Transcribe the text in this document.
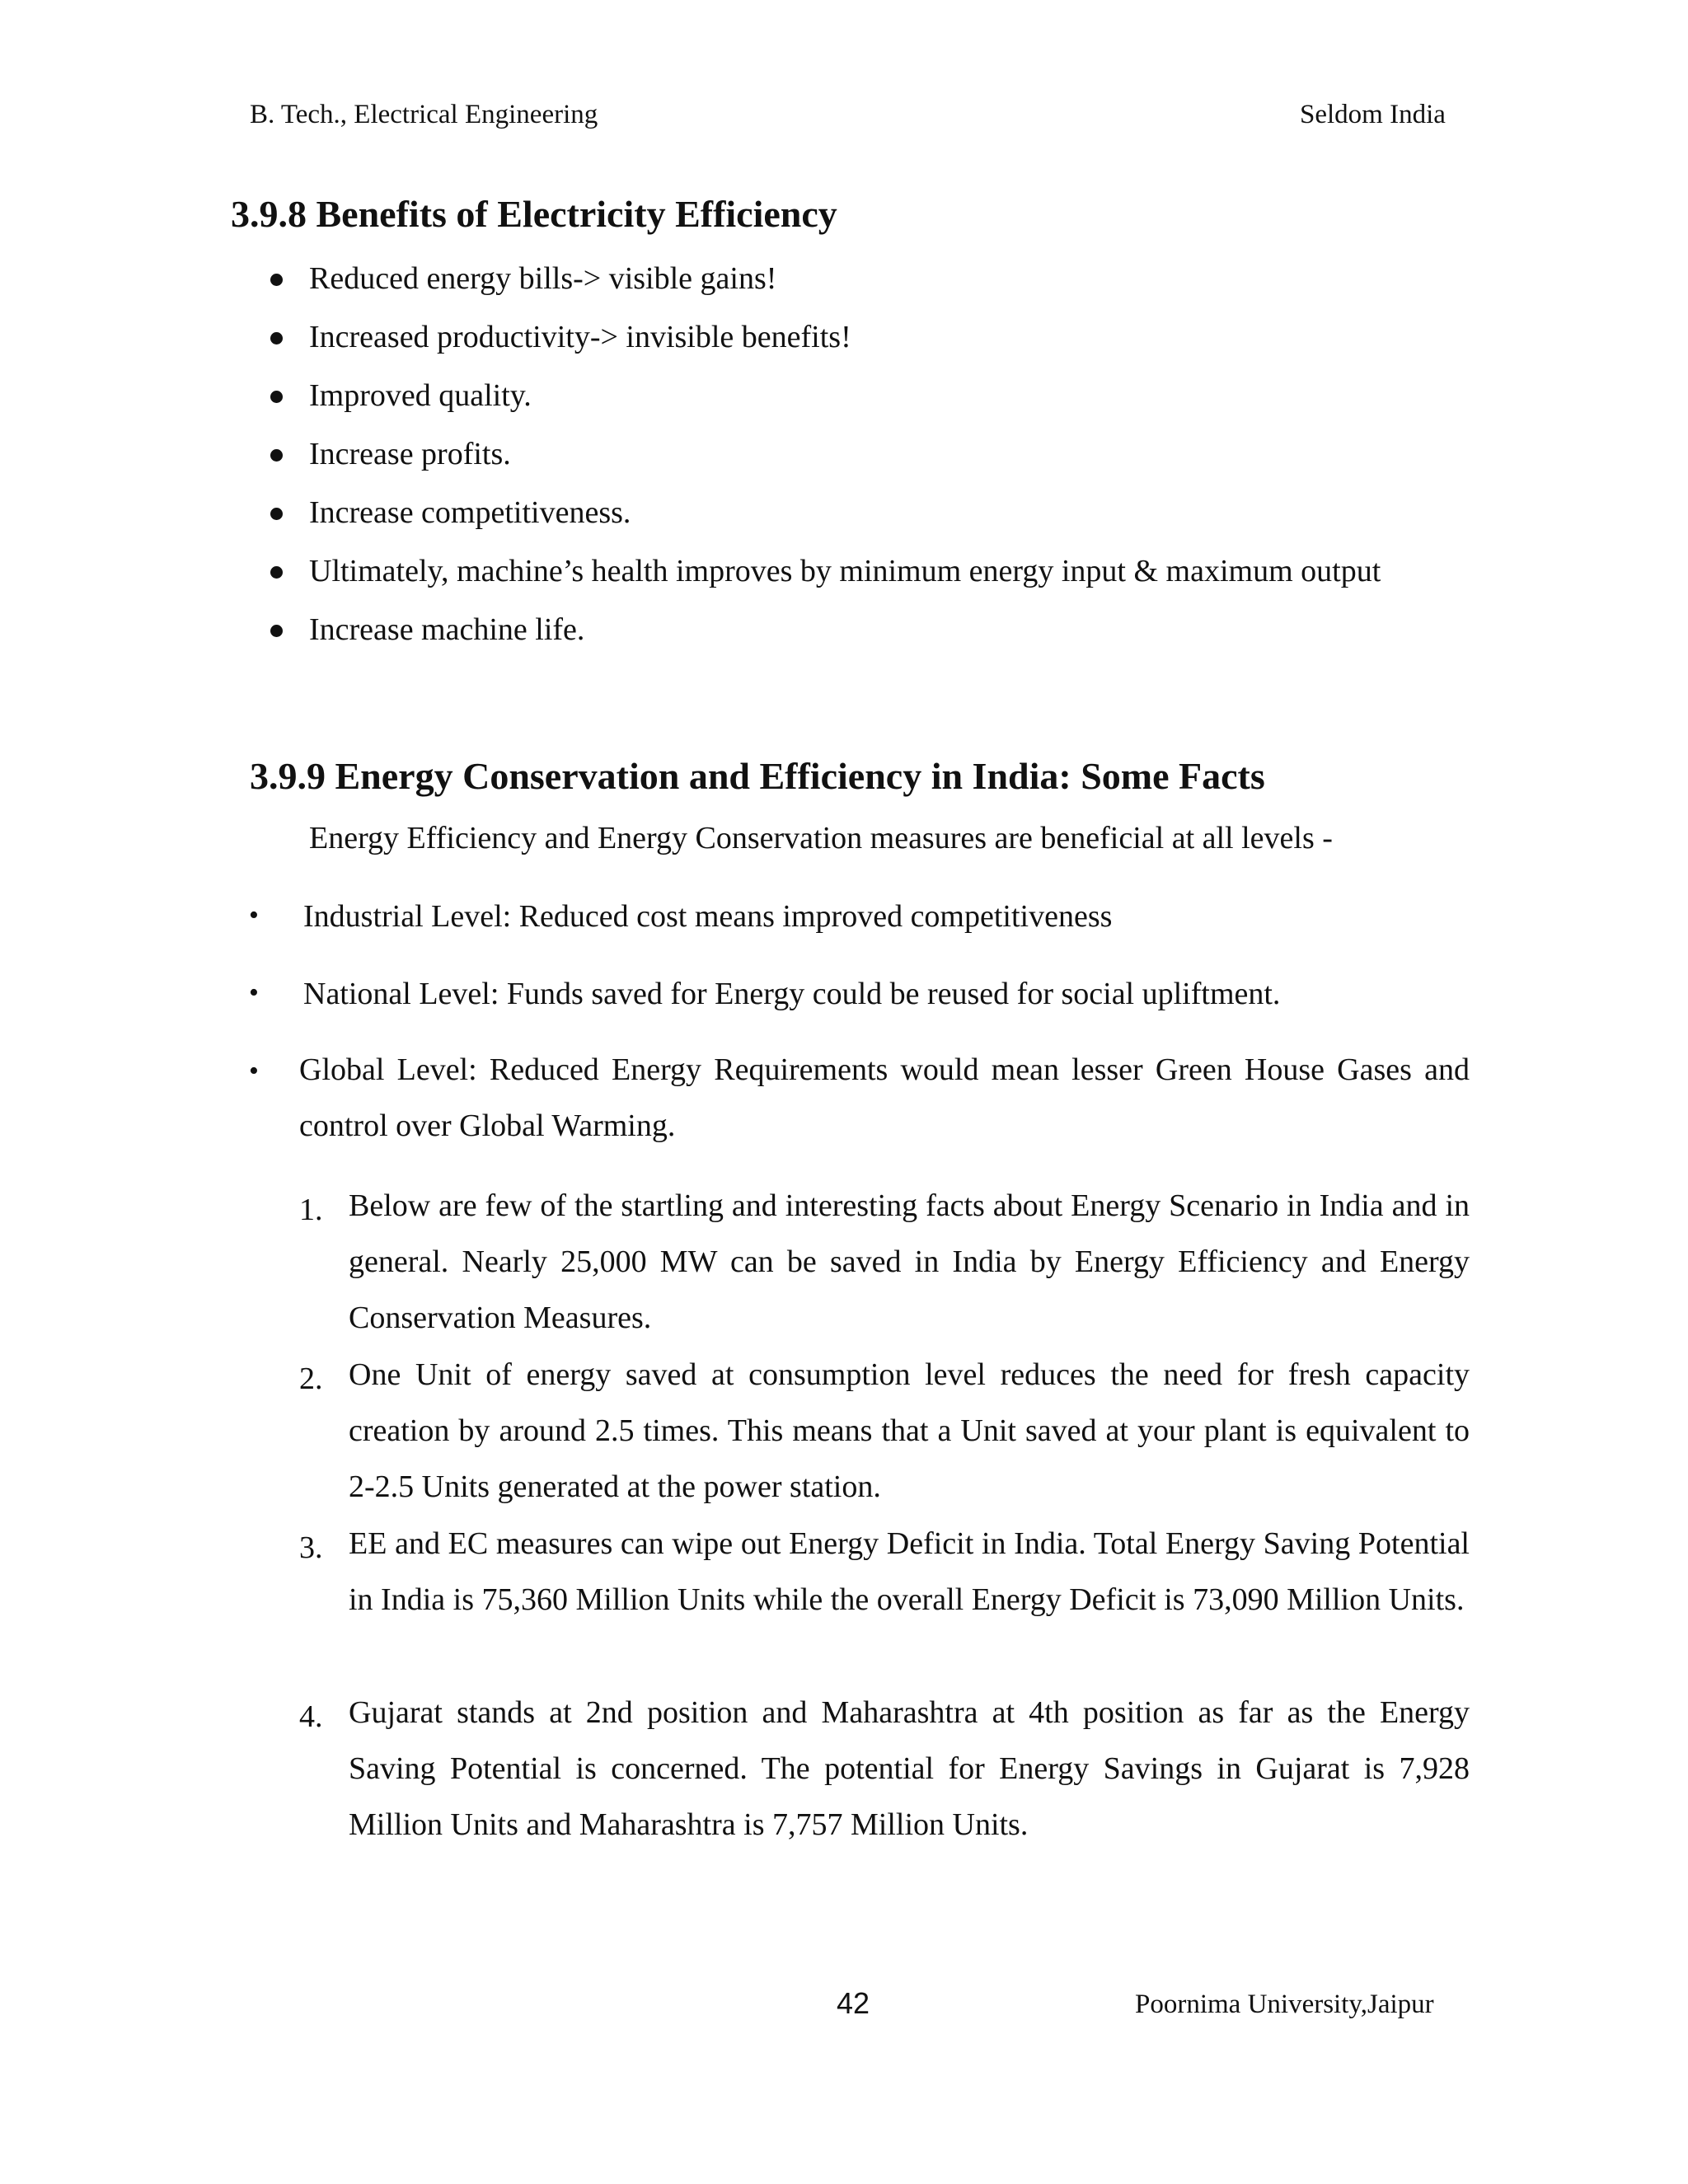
B. Tech., Electrical Engineering	Seldom India
3.9.8 Benefits of Electricity Efficiency
Reduced energy bills-> visible gains!
Increased productivity-> invisible benefits!
Improved quality.
Increase profits.
Increase competitiveness.
Ultimately, machine’s health improves by minimum energy input & maximum output
Increase machine life.
3.9.9 Energy Conservation and Efficiency in India: Some Facts
Energy Efficiency and Energy Conservation measures are beneficial at all levels -
• Industrial Level: Reduced cost means improved competitiveness
• National Level: Funds saved for Energy could be reused for social upliftment.
• Global Level: Reduced Energy Requirements would mean lesser Green House Gases and control over Global Warming.
1. Below are few of the startling and interesting facts about Energy Scenario in India and in general. Nearly 25,000 MW can be saved in India by Energy Efficiency and Energy Conservation Measures.
2. One Unit of energy saved at consumption level reduces the need for fresh capacity creation by around 2.5 times. This means that a Unit saved at your plant is equivalent to 2-2.5 Units generated at the power station.
3. EE and EC measures can wipe out Energy Deficit in India. Total Energy Saving Potential in India is 75,360 Million Units while the overall Energy Deficit is 73,090 Million Units.
4. Gujarat stands at 2nd position and Maharashtra at 4th position as far as the Energy Saving Potential is concerned. The potential for Energy Savings in Gujarat is 7,928 Million Units and Maharashtra is 7,757 Million Units.
42	Poornima University,Jaipur
